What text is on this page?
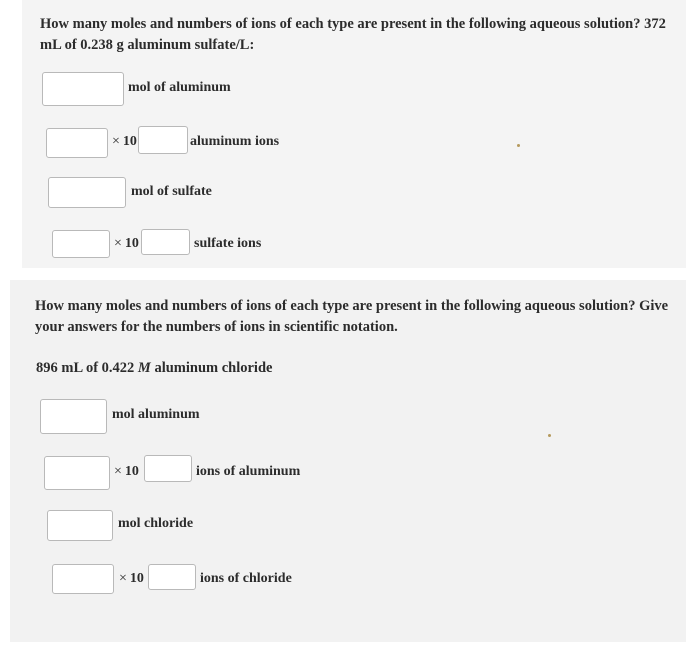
How many moles and numbers of ions of each type are present in the following aqueous solution? 372 mL of 0.238 g aluminum sulfate/L:
mol of aluminum
× 10	aluminum ions
mol of sulfate
× 10	sulfate ions
How many moles and numbers of ions of each type are present in the following aqueous solution? Give your answers for the numbers of ions in scientific notation.
896 mL of 0.422 M aluminum chloride
mol aluminum
× 10	ions of aluminum
mol chloride
× 10	ions of chloride
